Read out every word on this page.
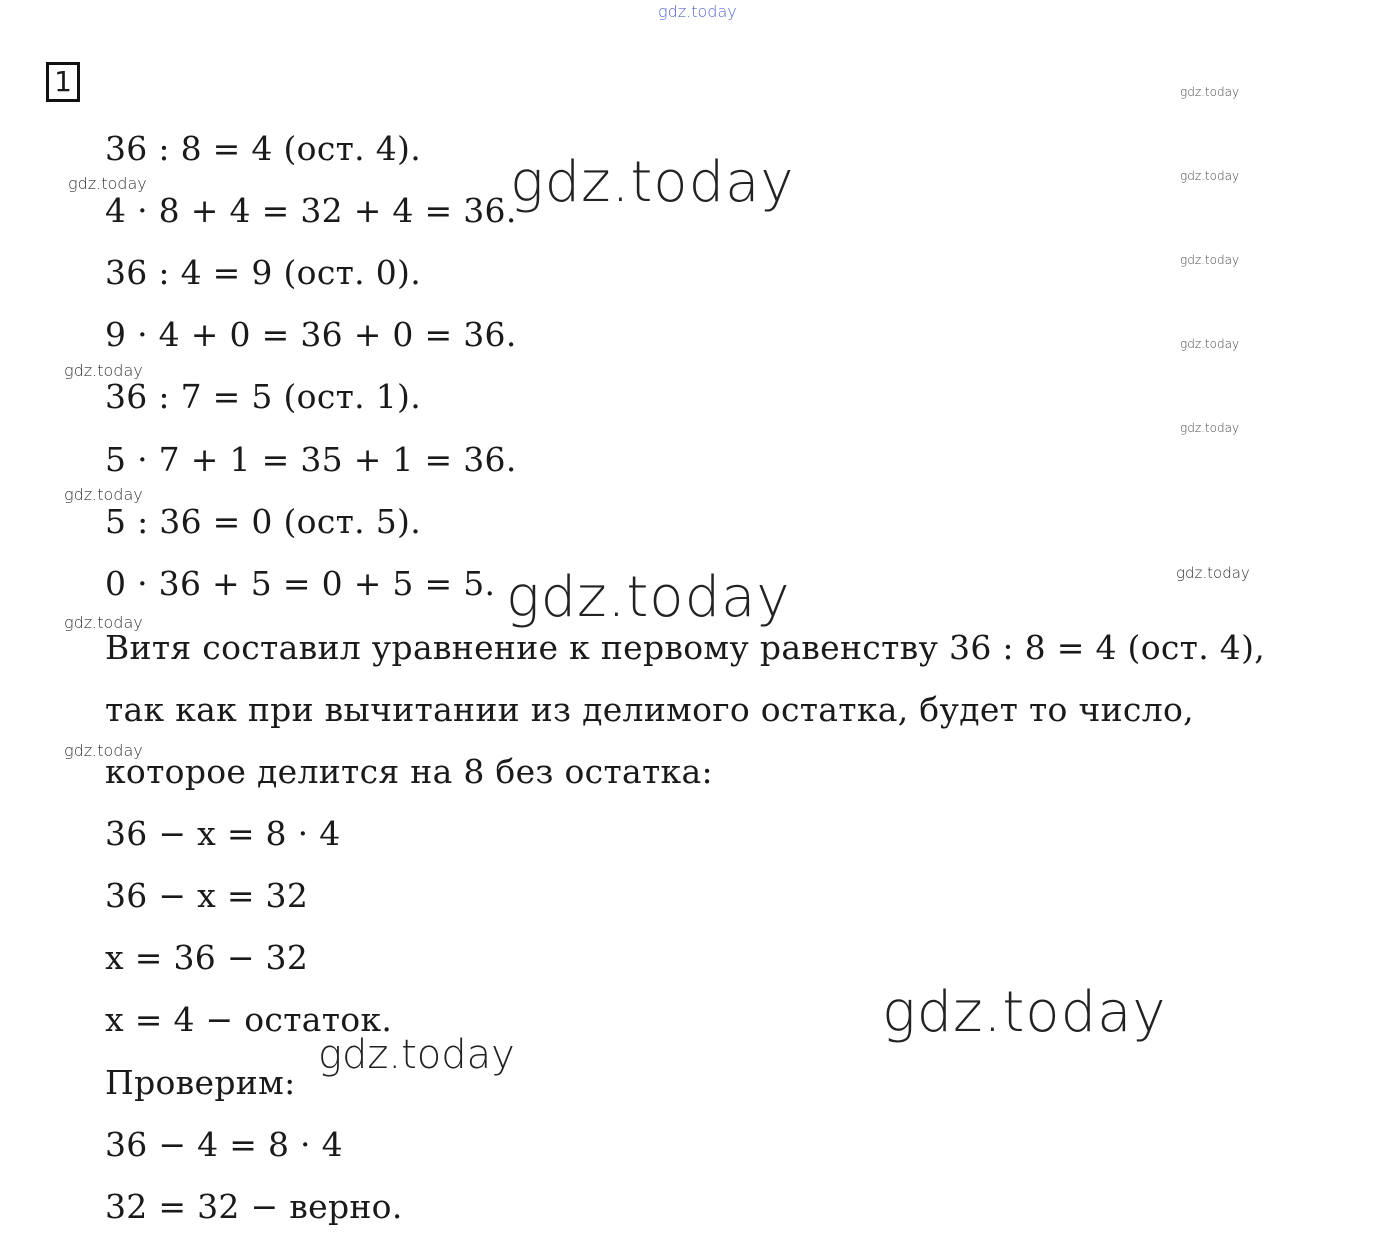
gdz.today
gdz.today
gdz.today
gdz.today
gdz.today
gdz.today
gdz.today
gdz.today
gdz.today
gdz.today
gdz.today
gdz.today
gdz.today
gdz.today
gdz.today
gdz.today
1
36 : 8 = 4 (ост. 4).
4 · 8 + 4 = 32 + 4 = 36.
36 : 4 = 9 (ост. 0).
9 · 4 + 0 = 36 + 0 = 36.
36 : 7 = 5 (ост. 1).
5 · 7 + 1 = 35 + 1 = 36.
5 : 36 = 0 (ост. 5).
0 · 36 + 5 = 0 + 5 = 5.
Витя составил уравнение к первому равенству 36 : 8 = 4 (ост. 4),
так как при вычитании из делимого остатка, будет то число,
которое делится на 8 без остатка:
36 − x = 8 · 4
36 − x = 32
x = 36 − 32
x = 4 − остаток.
Проверим:
36 − 4 = 8 · 4
32 = 32 − верно.
